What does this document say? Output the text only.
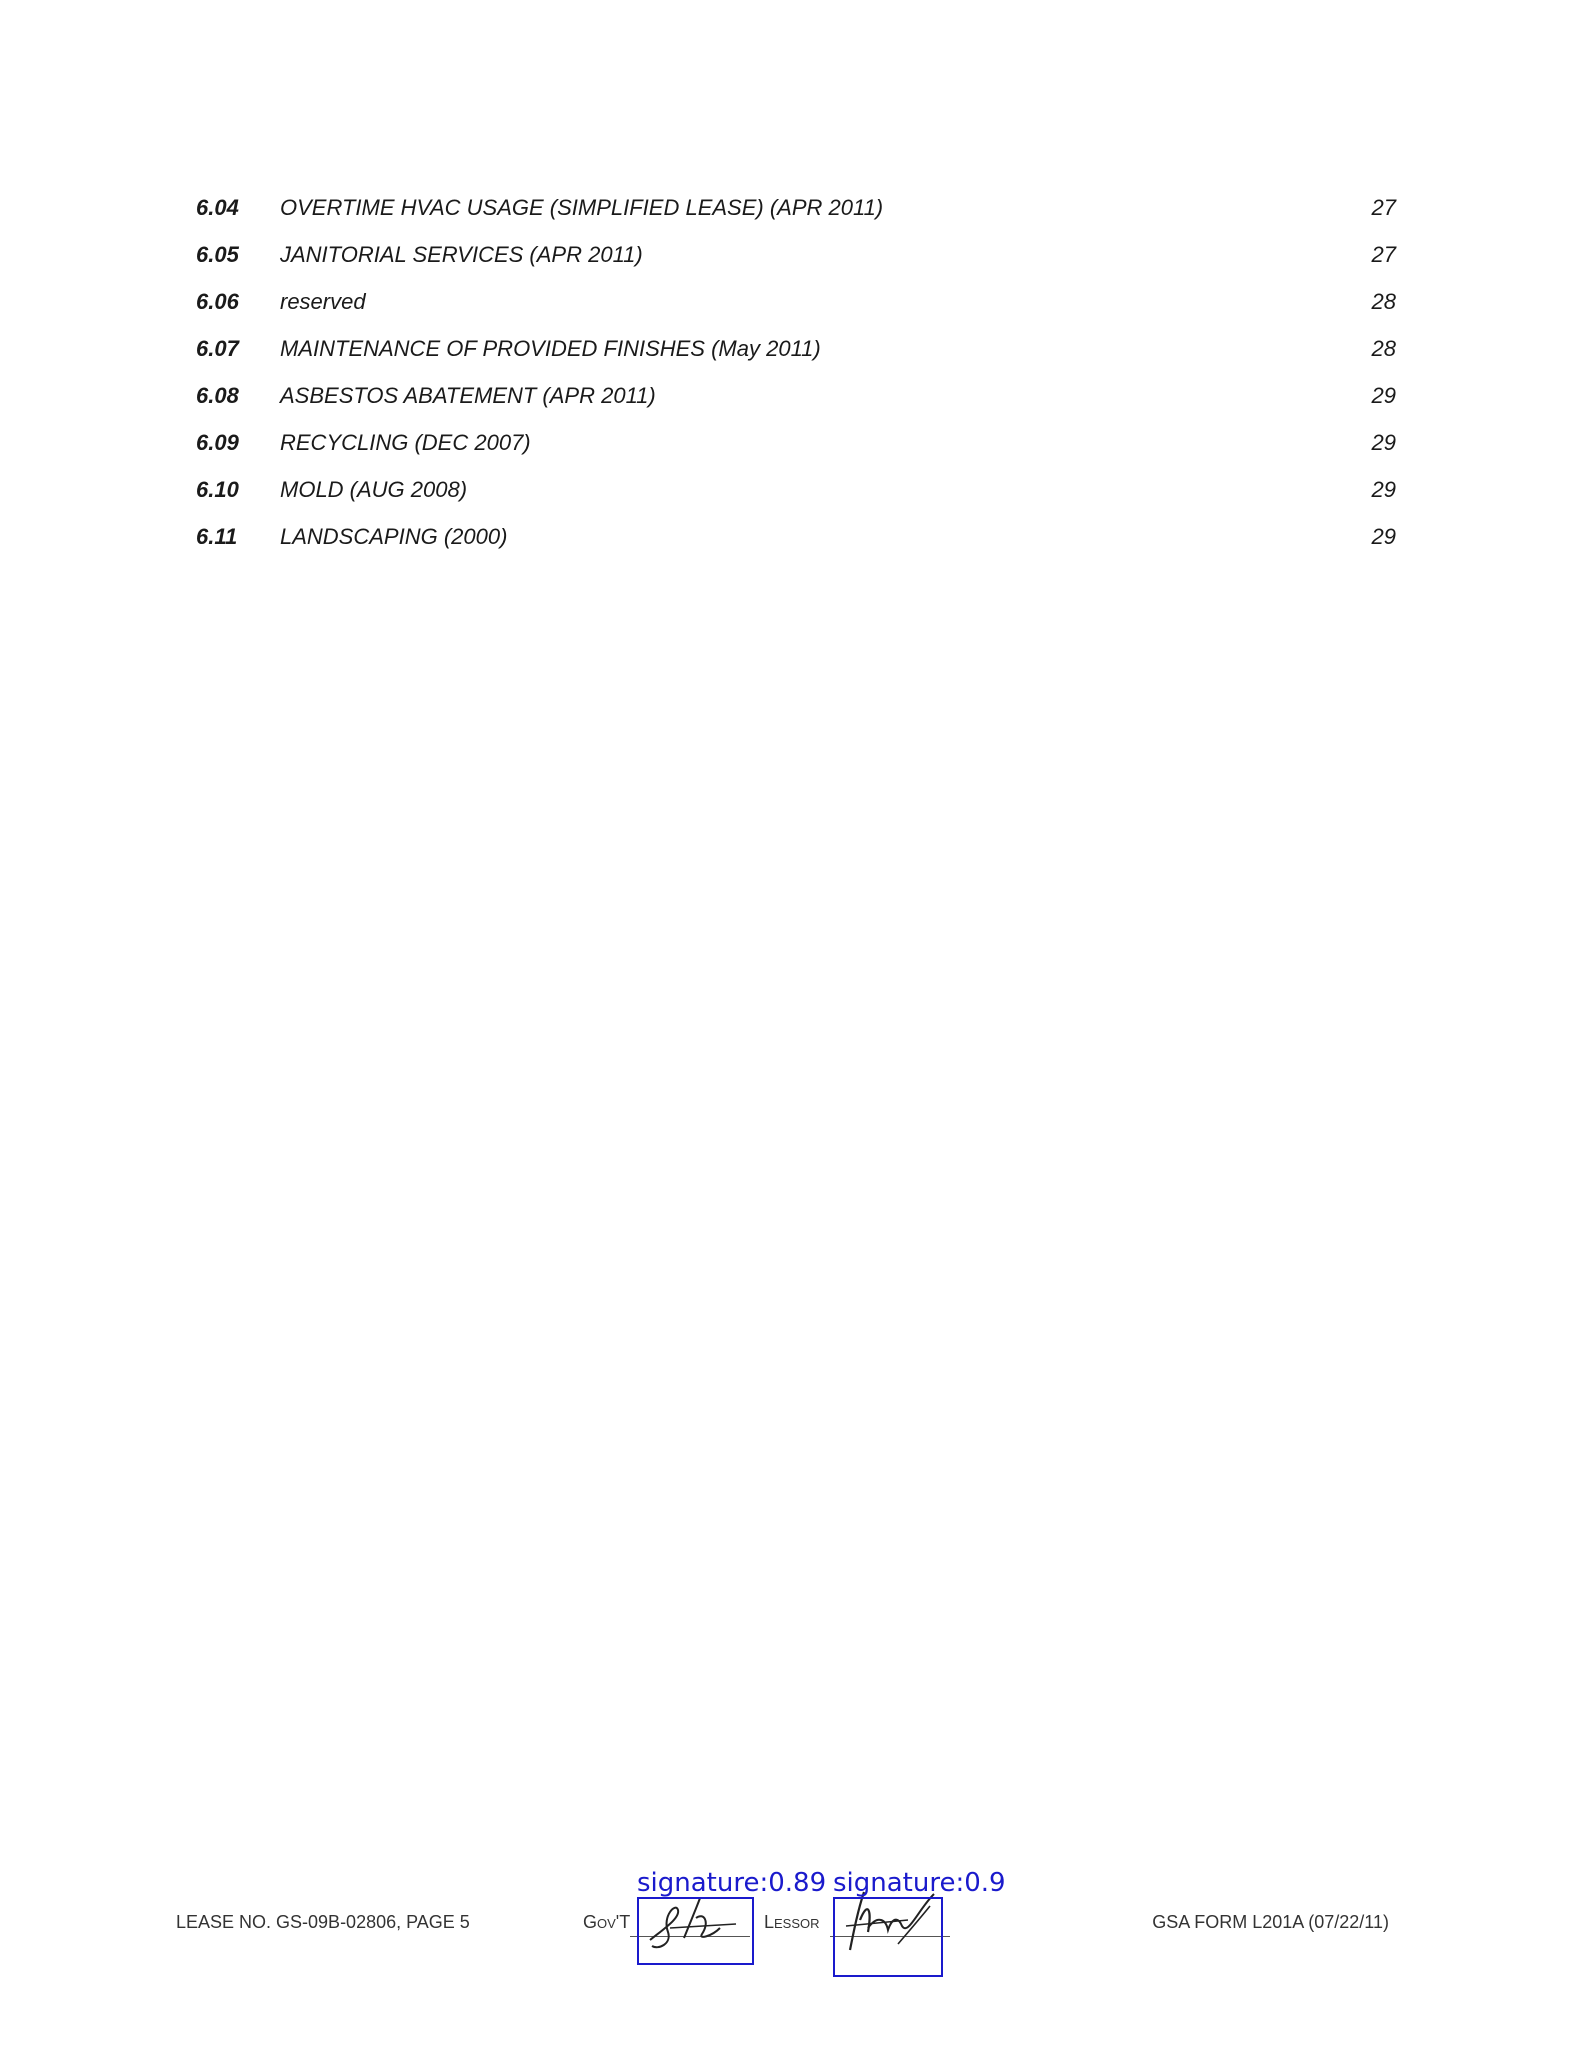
6.04 OVERTIME HVAC USAGE (SIMPLIFIED LEASE) (APR 2011)	27
6.05 JANITORIAL SERVICES (APR 2011)	27
6.06 reserved	28
6.07 MAINTENANCE OF PROVIDED FINISHES (May 2011)	28
6.08 ASBESTOS ABATEMENT (APR 2011)	29
6.09 RECYCLING (DEC 2007)	29
6.10 MOLD (AUG 2008)	29
6.11 LANDSCAPING (2000)	29
LEASE NO. GS-09B-02806, PAGE 5	Gov'T	Lessor	GSA FORM L201A (07/22/11)
signature:0.89 signature:0.9
